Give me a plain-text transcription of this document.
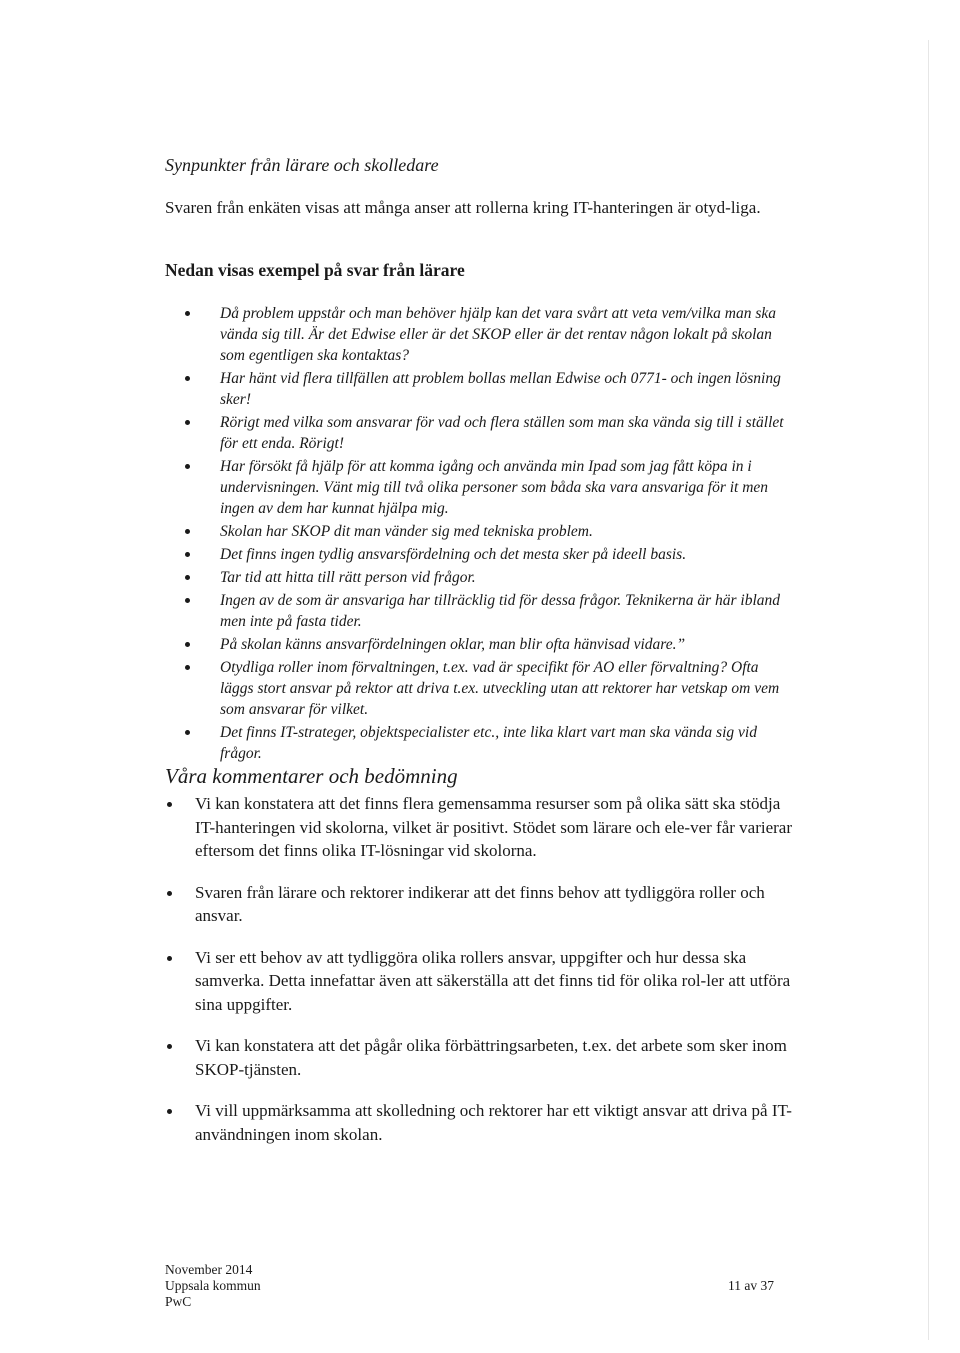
Synpunkter från lärare och skolledare

Svaren från enkäten visas att många anser att rollerna kring IT-hanteringen är otyd-liga.

Nedan visas exempel på svar från lärare
Då problem uppstår och man behöver hjälp kan det vara svårt att veta vem/vilka man ska vända sig till. Är det Edwise eller är det SKOP eller är det rentav någon lokalt på skolan som egentligen ska kontaktas?
Har hänt vid flera tillfällen att problem bollas mellan Edwise och 0771- och ingen lösning sker!
Rörigt med vilka som ansvarar för vad och flera ställen som man ska vända sig till i stället för ett enda. Rörigt!
Har försökt få hjälp för att komma igång och använda min Ipad som jag fått köpa in i undervisningen. Vänt mig till två olika personer som båda ska vara ansvariga för it men ingen av dem har kunnat hjälpa mig.
Skolan har SKOP dit man vänder sig med tekniska problem.
Det finns ingen tydlig ansvarsfördelning och det mesta sker på ideell basis.
Tar tid att hitta till rätt person vid frågor.
Ingen av de som är ansvariga har tillräcklig tid för dessa frågor. Teknikerna är här ibland men inte på fasta tider.
På skolan känns ansvarfördelningen oklar, man blir ofta hänvisad vidare.”
Otydliga roller inom förvaltningen, t.ex. vad är specifikt för AO eller förvaltning? Ofta läggs stort ansvar på rektor att driva t.ex. utveckling utan att rektorer har vetskap om vem som ansvarar för vilket.
Det finns IT-strateger, objektspecialister etc., inte lika klart vart man ska vända sig vid frågor.
Våra kommentarer och bedömning
Vi kan konstatera att det finns flera gemensamma resurser som på olika sätt ska stödja IT-hanteringen vid skolorna, vilket är positivt. Stödet som lärare och ele-ver får varierar eftersom det finns olika IT-lösningar vid skolorna.
Svaren från lärare och rektorer indikerar att det finns behov att tydliggöra roller och ansvar.
Vi ser ett behov av att tydliggöra olika rollers ansvar, uppgifter och hur dessa ska samverka. Detta innefattar även att säkerställa att det finns tid för olika rol-ler att utföra sina uppgifter.
Vi kan konstatera att det pågår olika förbättringsarbeten, t.ex. det arbete som sker inom SKOP-tjänsten.
Vi vill uppmärksamma att skolledning och rektorer har ett viktigt ansvar att driva på IT-användningen inom skolan.
November 2014
Uppsala kommun
PwC
11 av 37
